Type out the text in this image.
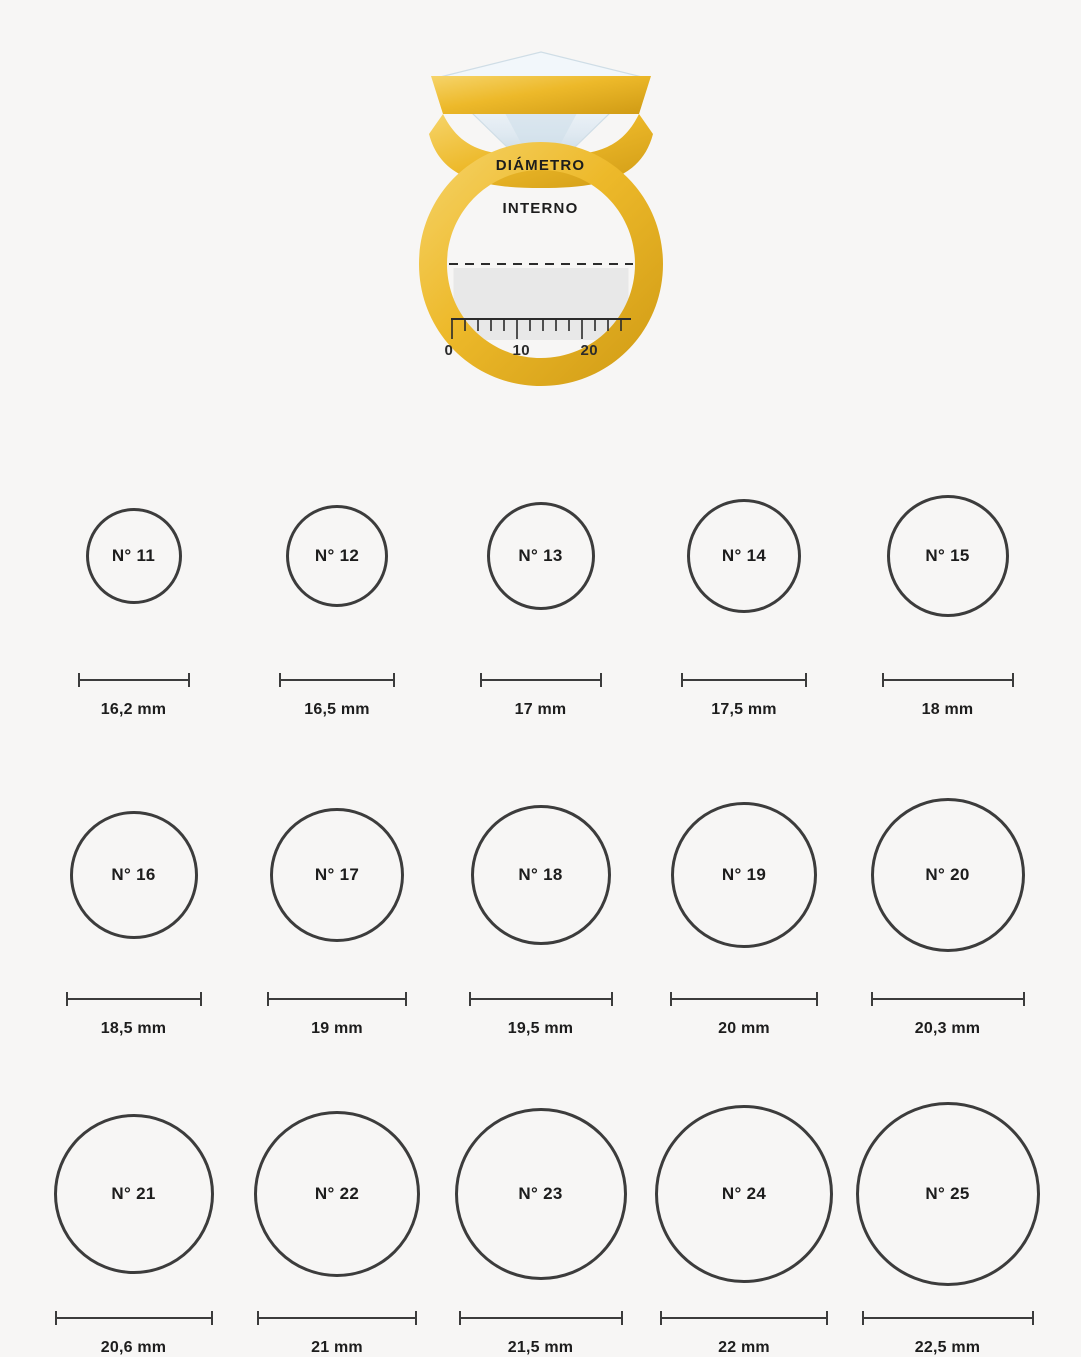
DIÁMETRO
INTERNO
0	10	20
N° 11
16,2 mm
N° 12
16,5 mm
N° 13
17 mm
N° 14
17,5 mm
N° 15
18 mm
N° 16
18,5 mm
N° 17
19 mm
N° 18
19,5 mm
N° 19
20 mm
N° 20
20,3 mm
N° 21
20,6 mm
N° 22
21 mm
N° 23
21,5 mm
N° 24
22 mm
N° 25
22,5 mm
